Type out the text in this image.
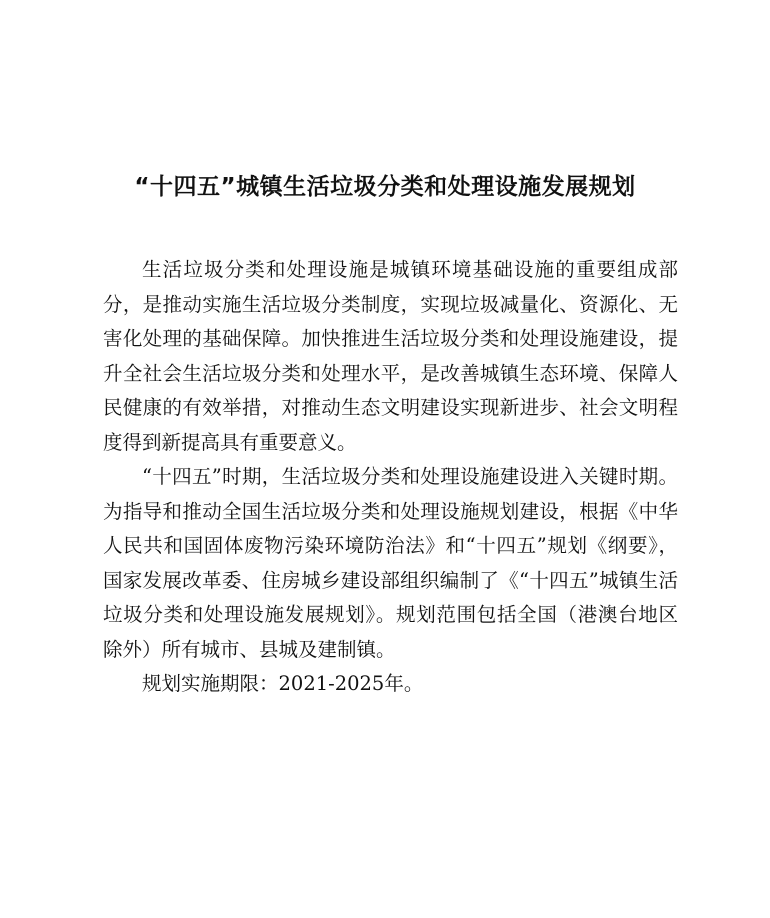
“十四五”城镇生活垃圾分类和处理设施发展规划

生活垃圾分类和处理设施是城镇环境基础设施的重要组成部分，是推动实施生活垃圾分类制度，实现垃圾减量化、资源化、无害化处理的基础保障。加快推进生活垃圾分类和处理设施建设，提升全社会生活垃圾分类和处理水平，是改善城镇生态环境、保障人民健康的有效举措，对推动生态文明建设实现新进步、社会文明程度得到新提高具有重要意义。

“十四五”时期，生活垃圾分类和处理设施建设进入关键时期。为指导和推动全国生活垃圾分类和处理设施规划建设，根据《中华人民共和国固体废物污染环境防治法》和“十四五”规划《纲要》，国家发展改革委、住房城乡建设部组织编制了《“十四五”城镇生活垃圾分类和处理设施发展规划》。规划范围包括全国（港澳台地区除外）所有城市、县城及建制镇。

规划实施期限：2021-2025年。
